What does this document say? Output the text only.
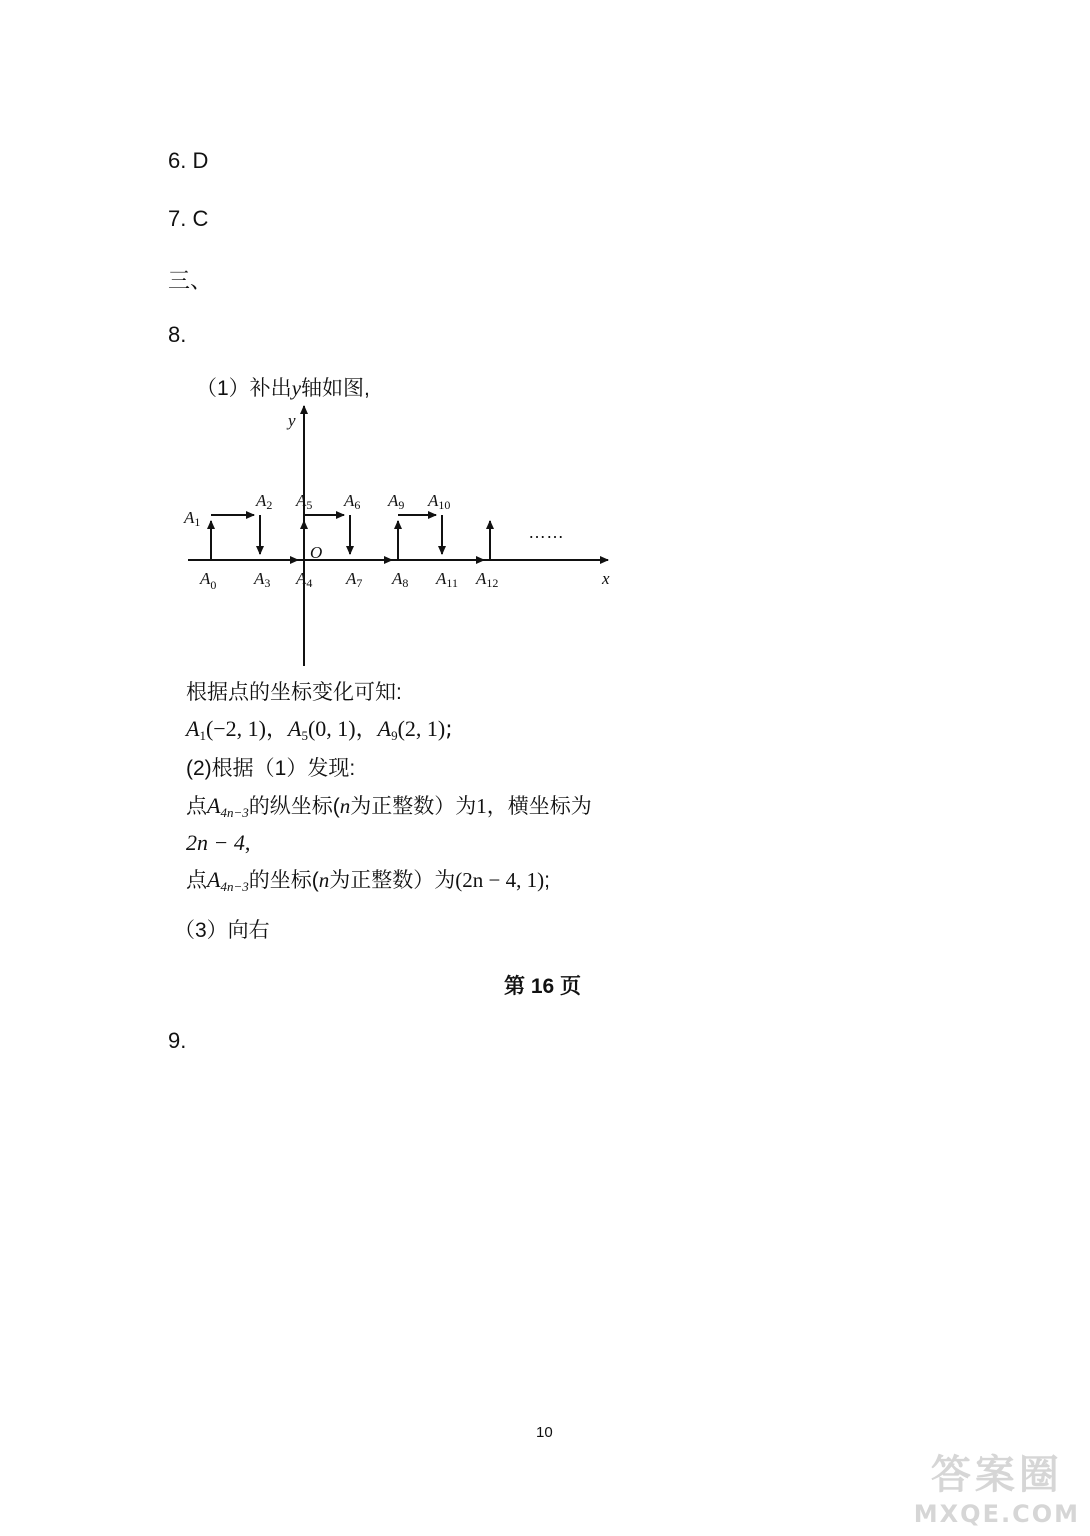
6. D
7. C
三、
8.
（1）补出y轴如图,
y
x
O
A1
A2 A5 A6 A9 A10
$A_0$ A3 A4 A7 A8 A11 A12
……
根据点的坐标变化可知:
$A_1(-2$, 1)，$A_5(0$, 1)，$A_9(2$, 1);
(2)根据（1）发现:
点$A_{4n-3}$的纵坐标(n为正整数）为1，横坐标为
2n − 4,
点$A_{4n-3}$的坐标(n为正整数）为(2n − 4, 1);
（3）向右
第 16 页
9.
10
答案圈
MXQE.COM
